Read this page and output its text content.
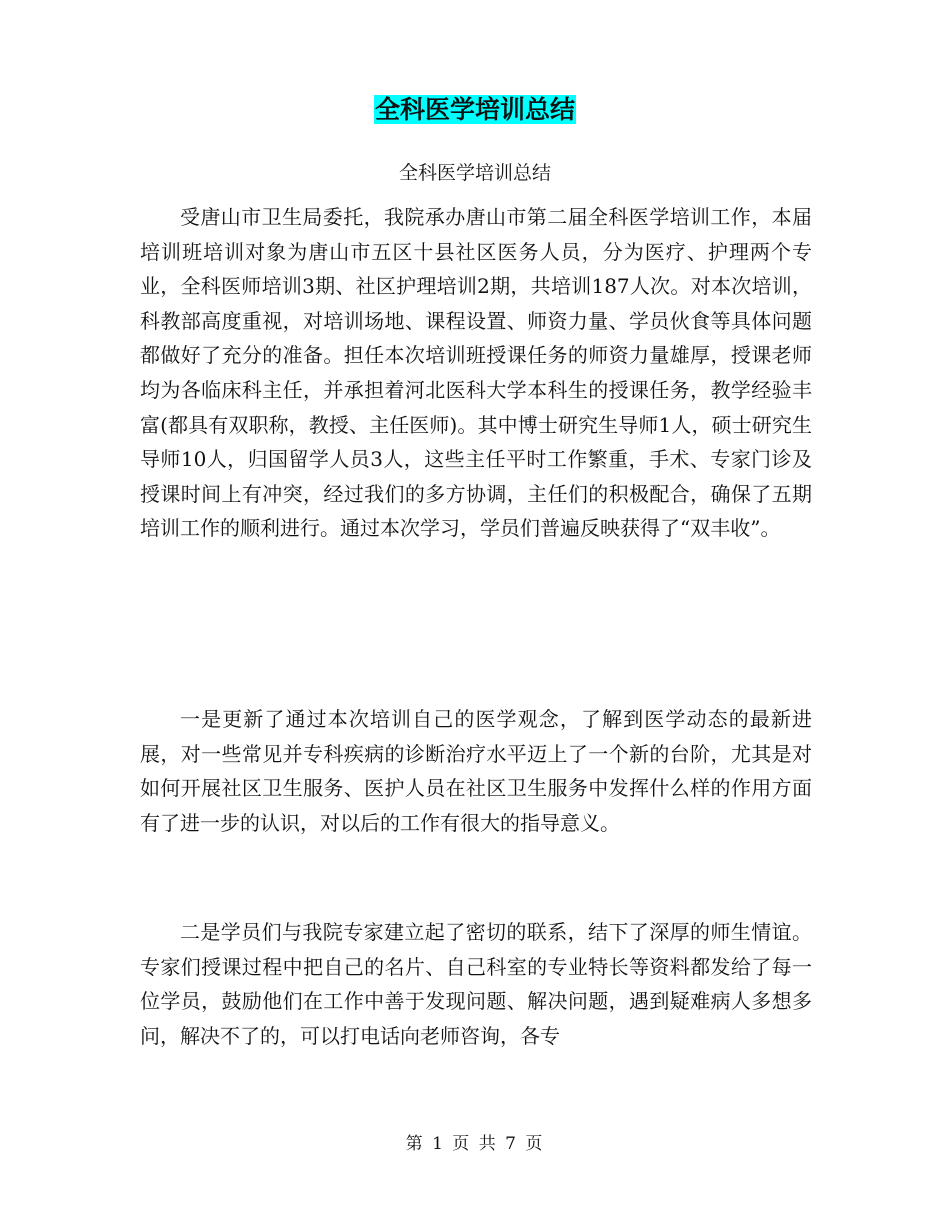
全科医学培训总结

全科医学培训总结

受唐山市卫生局委托，我院承办唐山市第二届全科医学培训工作，本届培训班培训对象为唐山市五区十县社区医务人员，分为医疗、护理两个专业，全科医师培训3期、社区护理培训2期，共培训187人次。对本次培训，科教部高度重视，对培训场地、课程设置、师资力量、学员伙食等具体问题都做好了充分的准备。担任本次培训班授课任务的师资力量雄厚，授课老师均为各临床科主任，并承担着河北医科大学本科生的授课任务，教学经验丰富(都具有双职称，教授、主任医师)。其中博士研究生导师1人，硕士研究生导师10人，归国留学人员3人，这些主任平时工作繁重，手术、专家门诊及授课时间上有冲突，经过我们的多方协调，主任们的积极配合，确保了五期培训工作的顺利进行。通过本次学习，学员们普遍反映获得了“双丰收”。

一是更新了通过本次培训自己的医学观念，了解到医学动态的最新进展，对一些常见并专科疾病的诊断治疗水平迈上了一个新的台阶，尤其是对如何开展社区卫生服务、医护人员在社区卫生服务中发挥什么样的作用方面有了进一步的认识，对以后的工作有很大的指导意义。

二是学员们与我院专家建立起了密切的联系，结下了深厚的师生情谊。专家们授课过程中把自己的名片、自己科室的专业特长等资料都发给了每一位学员，鼓励他们在工作中善于发现问题、解决问题，遇到疑难病人多想多问，解决不了的，可以打电话向老师咨询，各专

第 1 页 共 7 页
